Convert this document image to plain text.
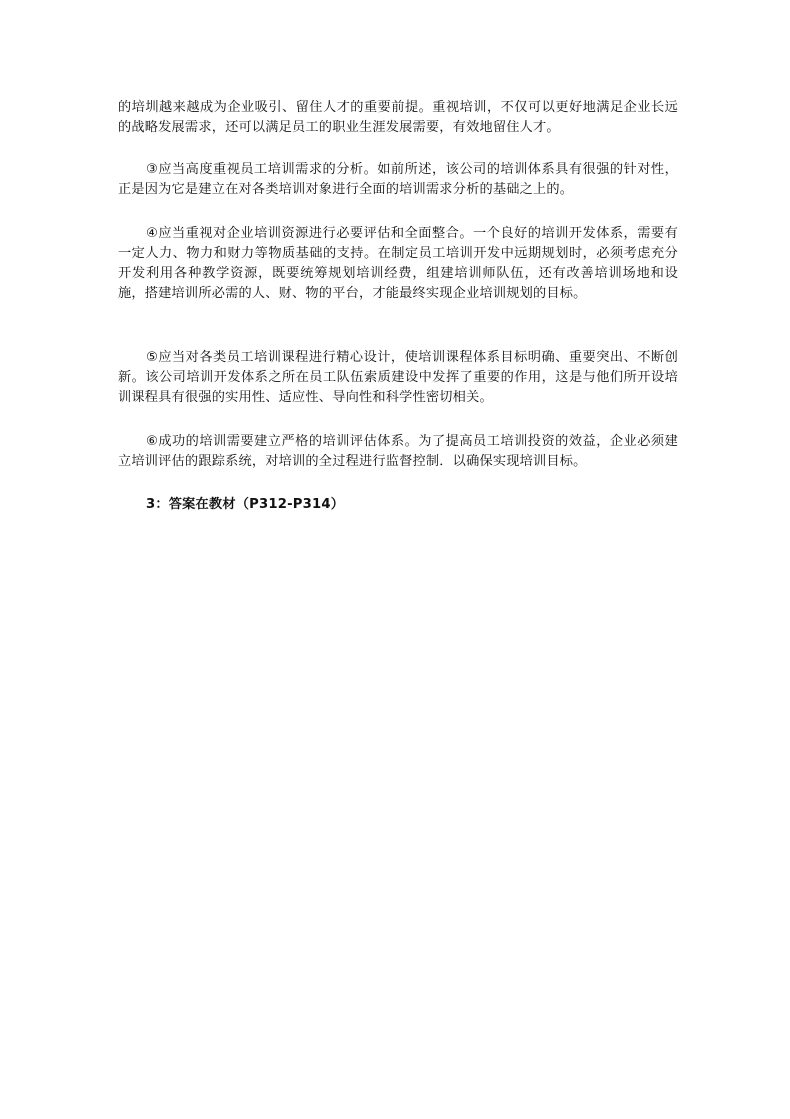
的培圳越来越成为企业吸引、留住人才的重要前提。重视培训，不仅可以更好地满足企业长远的战略发展需求，还可以满足员工的职业生涯发展需要，有效地留住人才。

③应当高度重视员工培训需求的分析。如前所述，该公司的培训体系具有很强的针对性，正是因为它是建立在对各类培训对象进行全面的培训需求分析的基础之上的。

④应当重视对企业培训资源进行必要评估和全面整合。一个良好的培训开发体系，需要有一定人力、物力和财力等物质基础的支持。在制定员工培训开发中远期规划时，必须考虑充分开发利用各种教学资源，既要统筹规划培训经费，组建培训师队伍，还有改善培训场地和设施，搭建培训所必需的人、财、物的平台，才能最终实现企业培训规划的目标。

⑤应当对各类员工培训课程进行精心设计，使培训课程体系目标明确、重要突出、不断创新。该公司培训开发体系之所在员工队伍索质建设中发挥了重要的作用，这是与他们所开设培训课程具有很强的实用性、适应性、导向性和科学性密切相关。

⑥成功的培训需要建立严格的培训评估体系。为了提高员工培训投资的效益，企业必须建立培训评估的跟踪系统，对培训的全过程进行监督控制．以确保实现培训目标。

3：答案在教材（P312-P314）
